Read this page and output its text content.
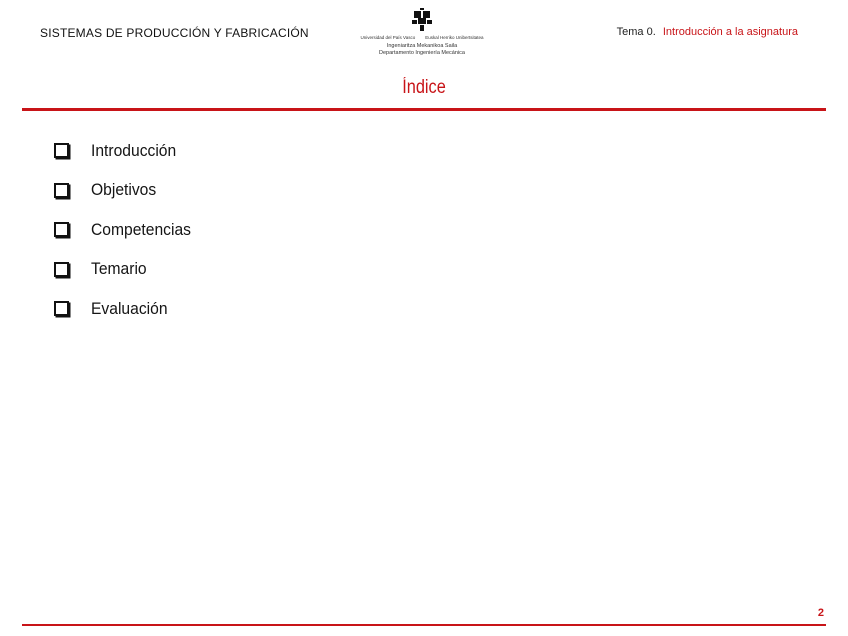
SISTEMAS DE PRODUCCIÓN Y FABRICACIÓN	Universidad del País Vasco Euskal Herriko Unibertsitatea
Ingeniaritza Mekanikoa Saila
Departamento Ingeniería Mecánica
Tema 0. Introducción a la asignatura
Índice
Introducción
Objetivos
Competencias
Temario
Evaluación
2
